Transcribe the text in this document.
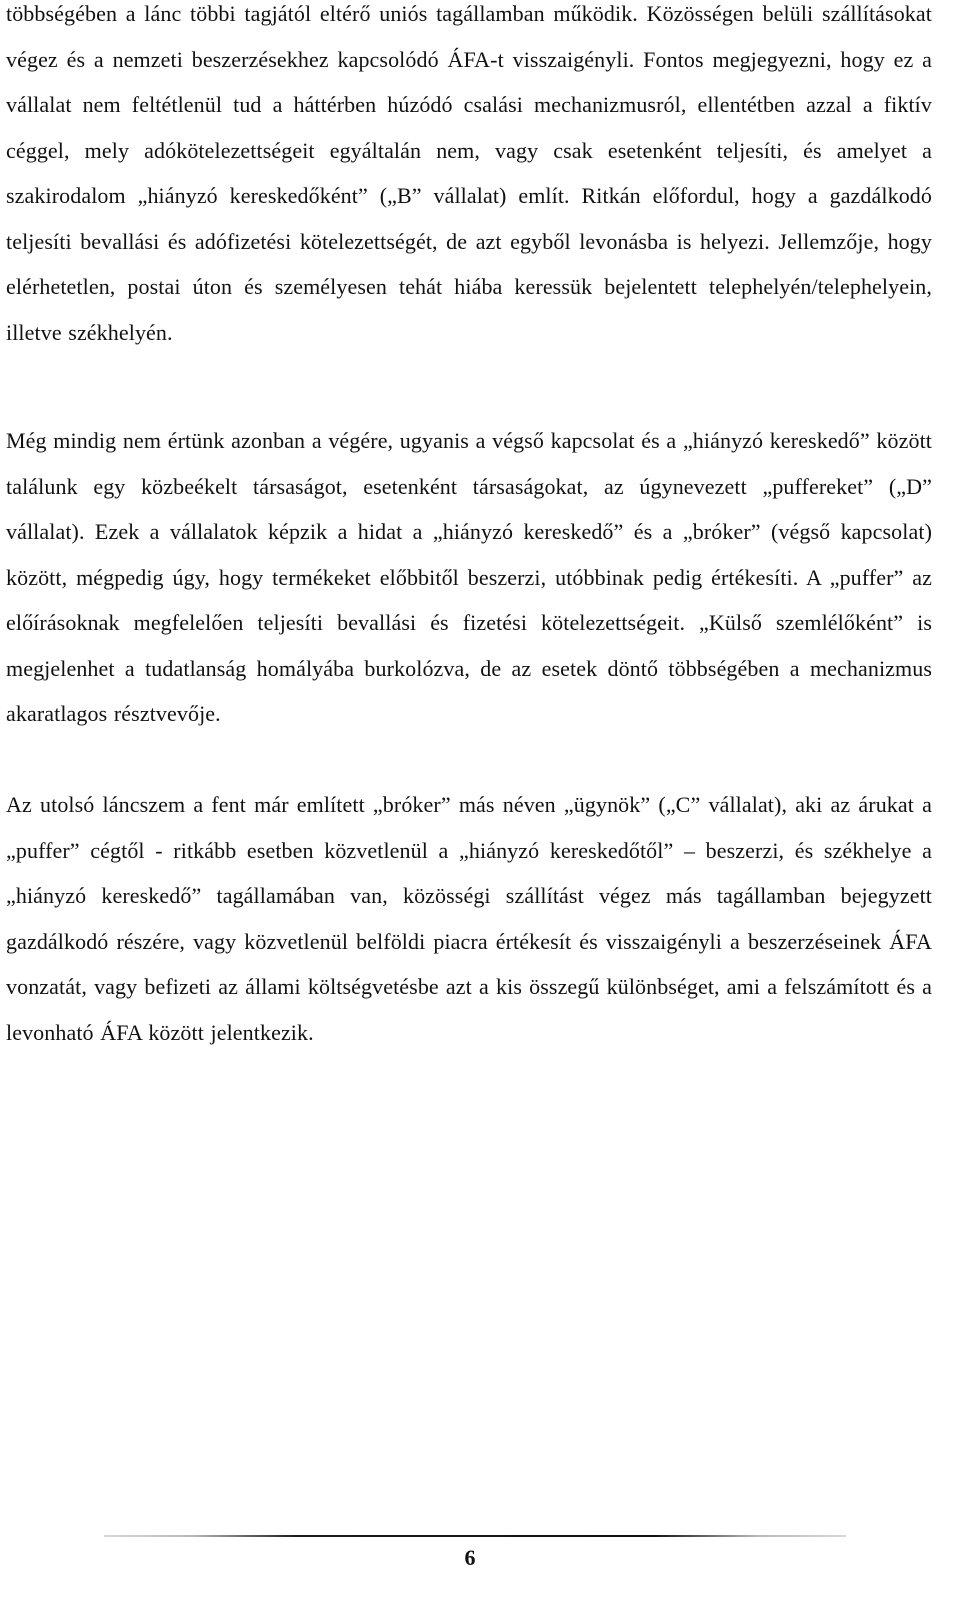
többségében a lánc többi tagjától eltérő uniós tagállamban működik. Közösségen belüli szállításokat végez és a nemzeti beszerzésekhez kapcsolódó ÁFA-t visszaigényli. Fontos megjegyezni, hogy ez a vállalat nem feltétlenül tud a háttérben húzódó csalási mechanizmusról, ellentétben azzal a fiktív céggel, mely adókötelezettségeit egyáltalán nem, vagy csak esetenként teljesíti, és amelyet a szakirodalom „hiányzó kereskedőként” („B” vállalat) említ. Ritkán előfordul, hogy a gazdálkodó teljesíti bevallási és adófizetési kötelezettségét, de azt egyből levonásba is helyezi. Jellemzője, hogy elérhetetlen, postai úton és személyesen tehát hiába keressük bejelentett telephelyén/telephelyein, illetve székhelyén.

Még mindig nem értünk azonban a végére, ugyanis a végső kapcsolat és a „hiányzó kereskedő” között találunk egy közbeékelt társaságot, esetenként társaságokat, az úgynevezett „puffereket” („D” vállalat). Ezek a vállalatok képzik a hidat a „hiányzó kereskedő” és a „bróker” (végső kapcsolat) között, mégpedig úgy, hogy termékeket előbbitől beszerzi, utóbbinak pedig értékesíti. A „puffer” az előírásoknak megfelelően teljesíti bevallási és fizetési kötelezettségeit. „Külső szemlélőként” is megjelenhet a tudatlanság homályába burkolózva, de az esetek döntő többségében a mechanizmus akaratlagos résztvevője.

Az utolsó láncszem a fent már említett „bróker” más néven „ügynök” („C” vállalat), aki az árukat a „puffer” cégtől - ritkább esetben közvetlenül a „hiányzó kereskedőtől” – beszerzi, és székhelye a „hiányzó kereskedő” tagállamában van, közösségi szállítást végez más tagállamban bejegyzett gazdálkodó részére, vagy közvetlenül belföldi piacra értékesít és visszaigényli a beszerzéseinek ÁFA vonzatát, vagy befizeti az állami költségvetésbe azt a kis összegű különbséget, ami a felszámított és a levonható ÁFA között jelentkezik.

6
